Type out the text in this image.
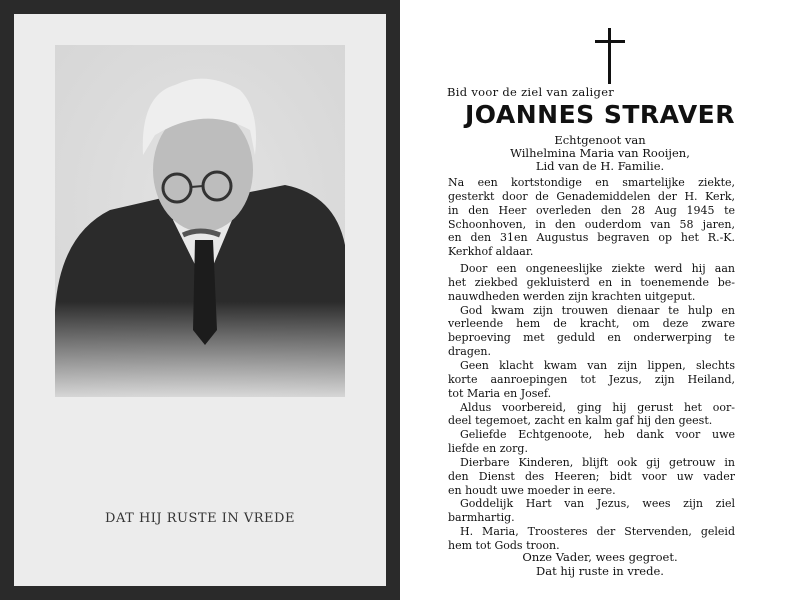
DAT HIJ RUSTE IN VREDE
Bid voor de ziel van zaliger
JOANNES STRAVER
Echtgenoot van
Wilhelmina Maria van Rooijen,
Lid van de H. Familie.
Na een kortstondige en smartelijke ziekte,
gesterkt door de Genademiddelen der H. Kerk,
in den Heer overleden den 28 Aug 1945 te
Schoonhoven, in den ouderdom van 58 jaren,
en den 31en Augustus begraven op het R.-K.
Kerkhof aldaar.
Door een ongeneeslijke ziekte werd hij aan
het ziekbed gekluisterd en in toenemende be-
nauwdheden werden zijn krachten uitgeput.
God kwam zijn trouwen dienaar te hulp en
verleende hem de kracht, om deze zware
beproeving met geduld en onderwerping te
dragen.
Geen klacht kwam van zijn lippen, slechts
korte aanroepingen tot Jezus, zijn Heiland,
tot Maria en Josef.
Aldus voorbereid, ging hij gerust het oor-
deel tegemoet, zacht en kalm gaf hij den geest.
Geliefde Echtgenoote, heb dank voor uwe
liefde en zorg.
Dierbare Kinderen, blijft ook gij getrouw in
den Dienst des Heeren; bidt voor uw vader
en houdt uwe moeder in eere.
Goddelijk Hart van Jezus, wees zijn ziel
barmhartig.
H. Maria, Troosteres der Stervenden, geleid
hem tot Gods troon.
Onze Vader, wees gegroet.
Dat hij ruste in vrede.
